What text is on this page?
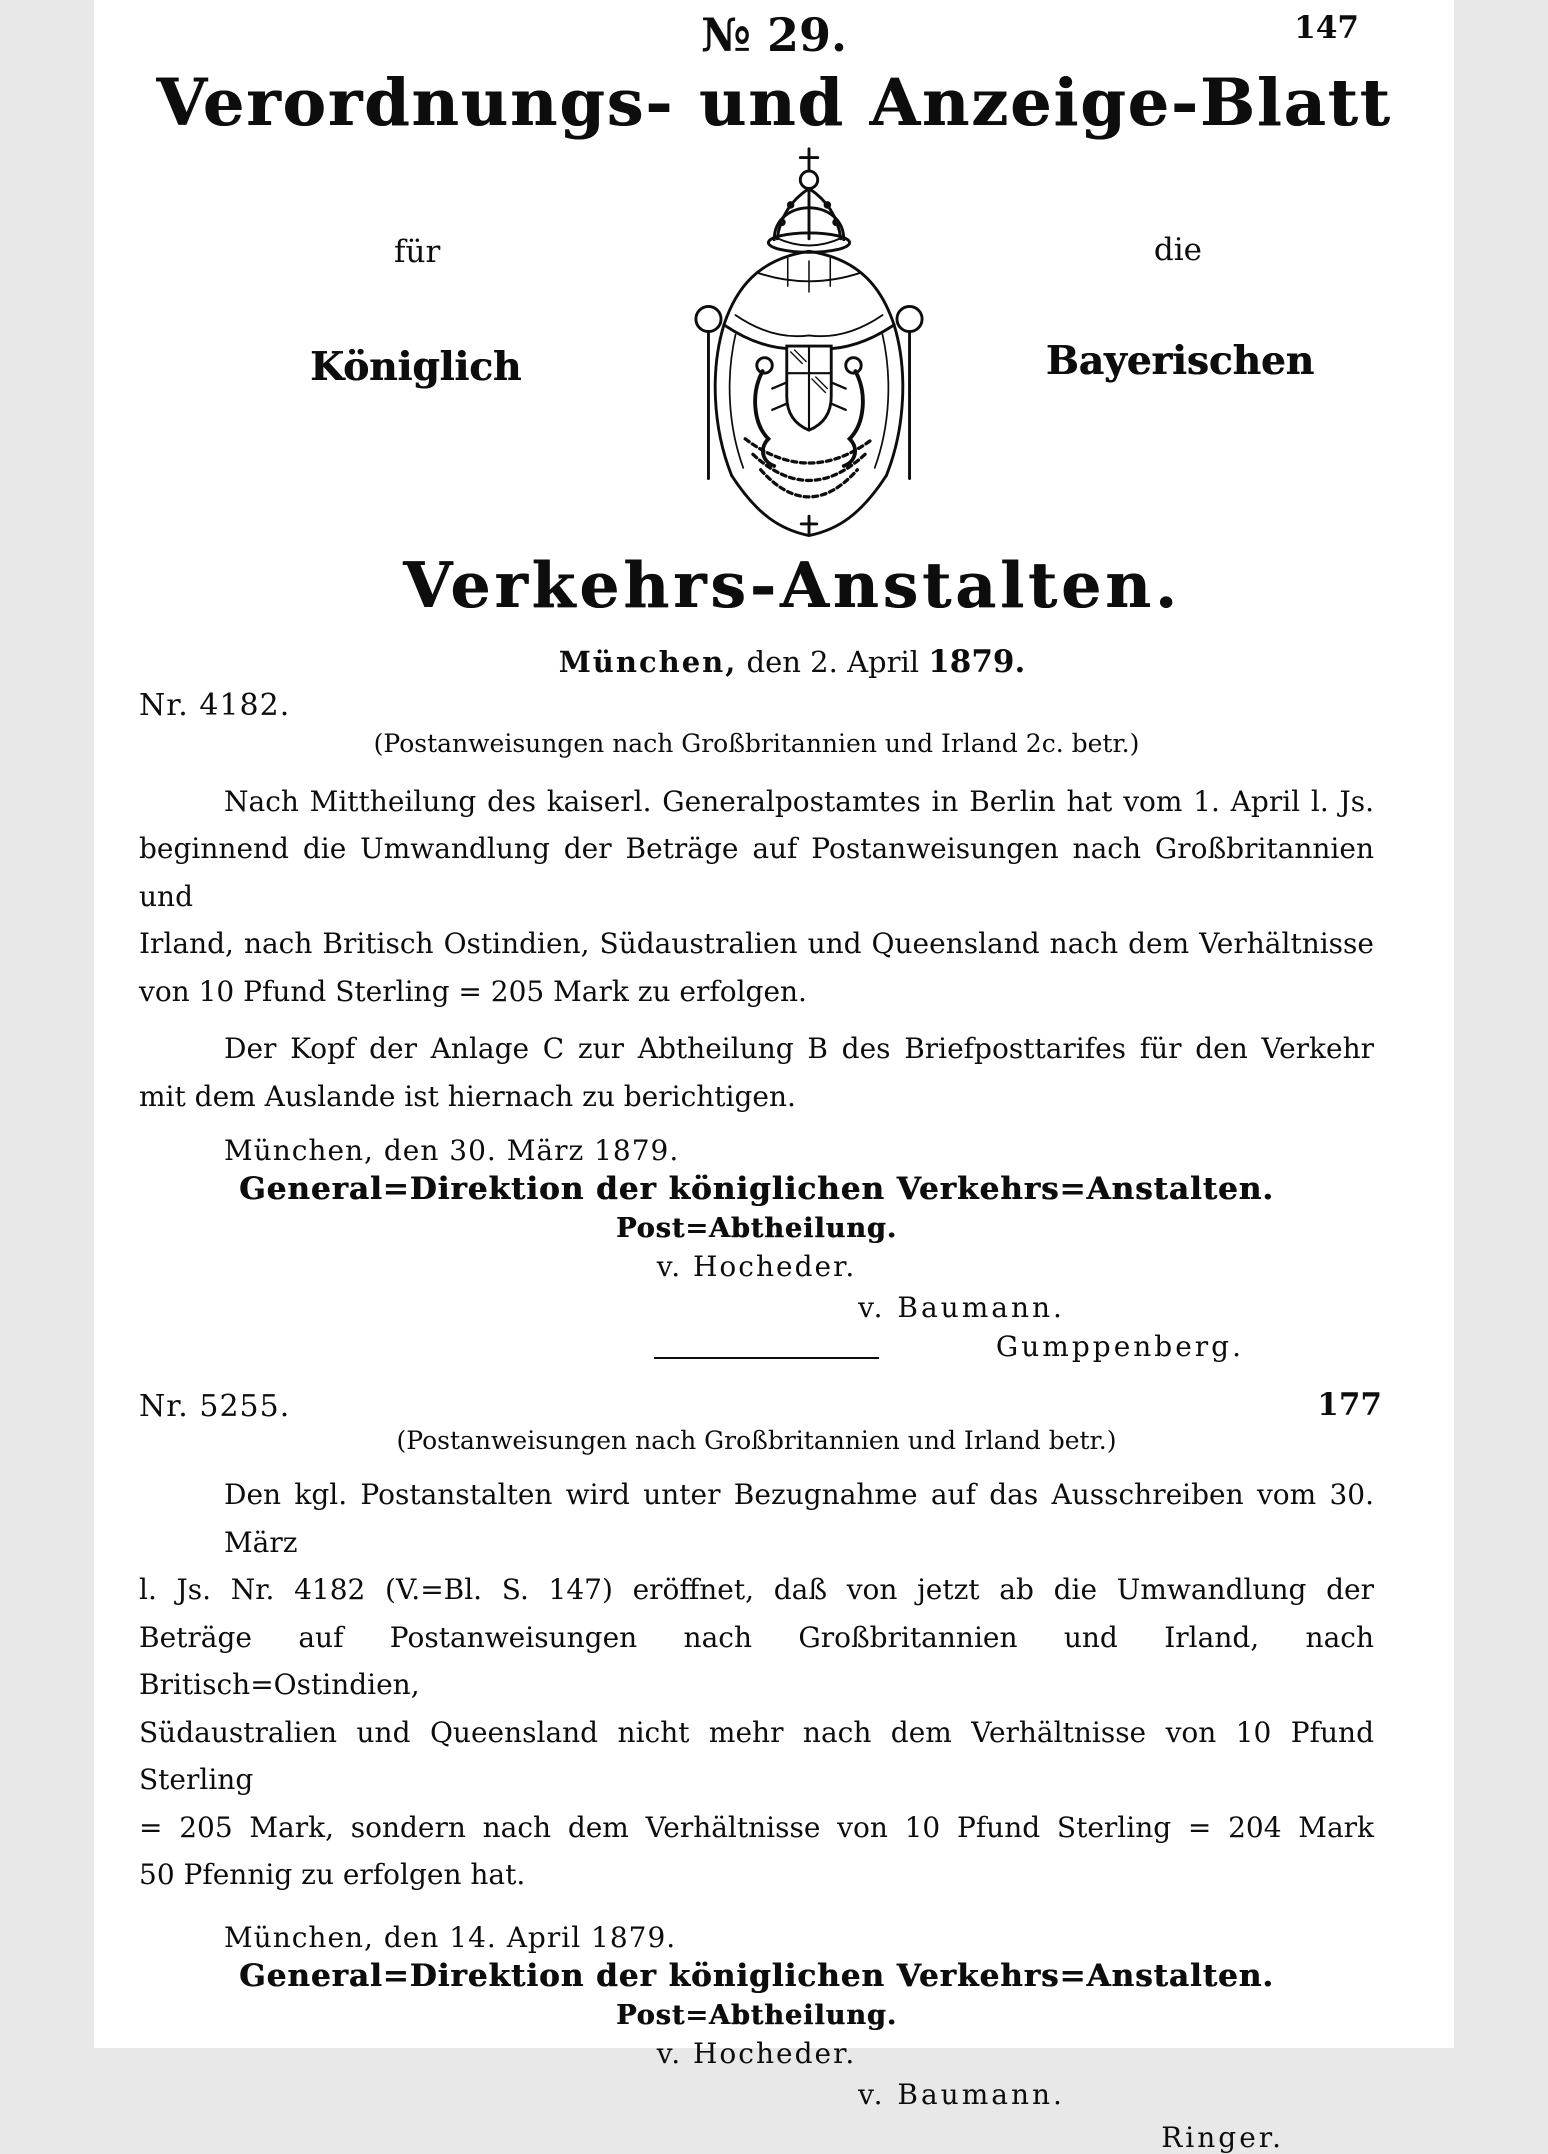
№ 29.	147
Verordnungs- und Anzeige-Blatt
für	die
Königlich	Bayerischen
Verkehrs-Anstalten.
München, den 2. April 1879.
Nr. 4182.
(Postanweisungen nach Großbritannien und Irland 2c. betr.)
Nach Mittheilung des kaiserl. Generalpostamtes in Berlin hat vom 1. April l. Js.
beginnend die Umwandlung der Beträge auf Postanweisungen nach Großbritannien und
Irland, nach Britisch Ostindien, Südaustralien und Queensland nach dem Verhältnisse
von 10 Pfund Sterling = 205 Mark zu erfolgen.
Der Kopf der Anlage C zur Abtheilung B des Briefposttarifes für den Verkehr
mit dem Auslande ist hiernach zu berichtigen.
München, den 30. März 1879.
General=Direktion der königlichen Verkehrs=Anstalten.
Post=Abtheilung.
v. Hocheder.
v. Baumann.
Gumppenberg.
Nr. 5255.	177
(Postanweisungen nach Großbritannien und Irland betr.)
Den kgl. Postanstalten wird unter Bezugnahme auf das Ausschreiben vom 30. März
l. Js. Nr. 4182 (V.=Bl. S. 147) eröffnet, daß von jetzt ab die Umwandlung der
Beträge auf Postanweisungen nach Großbritannien und Irland, nach Britisch=Ostindien,
Südaustralien und Queensland nicht mehr nach dem Verhältnisse von 10 Pfund Sterling
= 205 Mark, sondern nach dem Verhältnisse von 10 Pfund Sterling = 204 Mark
50 Pfennig zu erfolgen hat.
München, den 14. April 1879.
General=Direktion der königlichen Verkehrs=Anstalten.
Post=Abtheilung.
v. Hocheder.
v. Baumann.
Ringer.
